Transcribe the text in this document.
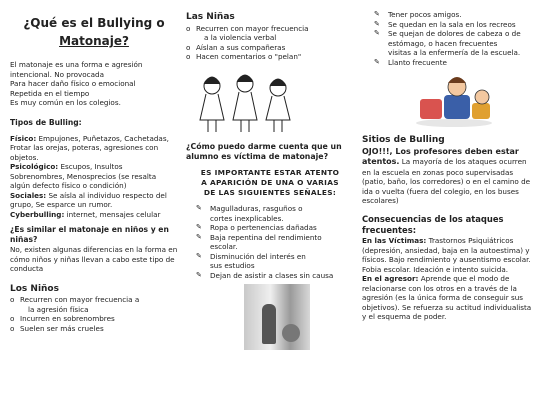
¿Qué es el Bullying o
Matonaje?

El matonaje es una forma e agresión intencional. No provocada

Para hacer daño físico o emocional

Repetida en el tiempo

Es muy común en los colegios.

Tipos de Bulling:

Físico: Empujones, Puñetazos, Cachetadas, Frotar las orejas, poteras, agresiones con objetos.

Psicológico: Escupos, Insultos Sobrenombres, Menosprecios (se resalta algún defecto físico o condición)

Sociales: Se aísla al individuo respecto del grupo, Se esparce un rumor.

Cyberbulling: internet, mensajes celular

¿Es similar el matonaje en niños y en niñas?

No, existen algunas diferencias en la forma en cómo niños y niñas llevan a cabo este tipo de conducta

Los Niños

o Recurren con mayor frecuencia a
la agresión física
o Incurren en sobrenombres
o Suelen ser más crueles

Las Niñas

o Recurren con mayor frecuencia
a la violencia verbal
o Aíslan a sus compañeras
o Hacen comentarios o "pelan"

¿Cómo puedo darme cuenta que un alumno es víctima de matonaje?

ES IMPORTANTE ESTAR ATENTO
A APARICIÓN DE UNA O VARIAS
DE LAS SIGUIENTES SEÑALES:
✎ Magulladuras, rasguños o
cortes inexplicables.
✎ Ropa o pertenencias dañadas
✎ Baja repentina del rendimiento
escolar.
✎ Disminución del interés en
sus estudios
✎ Dejan de asistir a clases sin causa
✎ Tener pocos amigos.
✎ Se quedan en la sala en los recreos
✎ Se quejan de dolores de cabeza o de
estómago, o hacen frecuentes
visitas a la enfermería de la escuela.
✎ Llanto frecuente

Sitios de Bulling

OJO!!!, Los profesores deben estar atentos. La mayoría de los ataques ocurren en la escuela en zonas poco supervisadas (patio, baño, los corredores) o en el camino de ida o vuelta (fuera del colegio, en los buses escolares)

Consecuencias de los ataques frecuentes:

En las Víctimas: Trastornos Psiquiátricos (depresión, ansiedad, baja en la autoestima) y físicos. Bajo rendimiento y ausentismo escolar. Fobia escolar. Ideación e intento suicida.

En el agresor: Aprende que el modo de relacionarse con los otros en a través de la agresión (es la única forma de conseguir sus objetivos). Se refuerza su actitud individualista y el esquema de poder.
